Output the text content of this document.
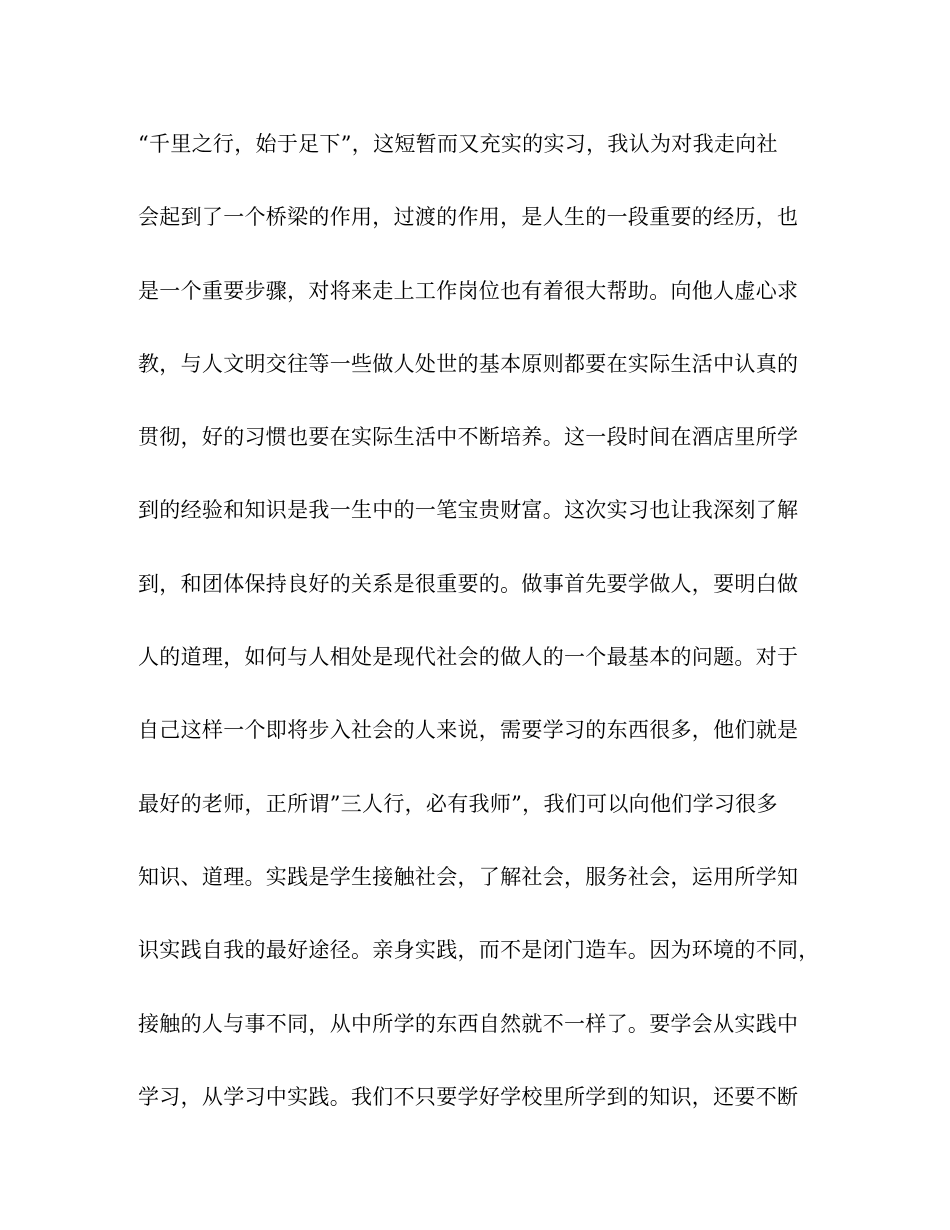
“千里之行，始于足下”，这短暂而又充实的实习，我认为对我走向社
会起到了一个桥梁的作用，过渡的作用，是人生的一段重要的经历，也
是一个重要步骤，对将来走上工作岗位也有着很大帮助。向他人虚心求
教，与人文明交往等一些做人处世的基本原则都要在实际生活中认真的
贯彻，好的习惯也要在实际生活中不断培养。这一段时间在酒店里所学
到的经验和知识是我一生中的一笔宝贵财富。这次实习也让我深刻了解
到，和团体保持良好的关系是很重要的。做事首先要学做人，要明白做
人的道理，如何与人相处是现代社会的做人的一个最基本的问题。对于
自己这样一个即将步入社会的人来说，需要学习的东西很多，他们就是
最好的老师，正所谓”三人行，必有我师”，我们可以向他们学习很多
知识、道理。实践是学生接触社会，了解社会，服务社会，运用所学知
识实践自我的最好途径。亲身实践，而不是闭门造车。因为环境的不同，
接触的人与事不同，从中所学的东西自然就不一样了。要学会从实践中
学习，从学习中实践。我们不只要学好学校里所学到的知识，还要不断
